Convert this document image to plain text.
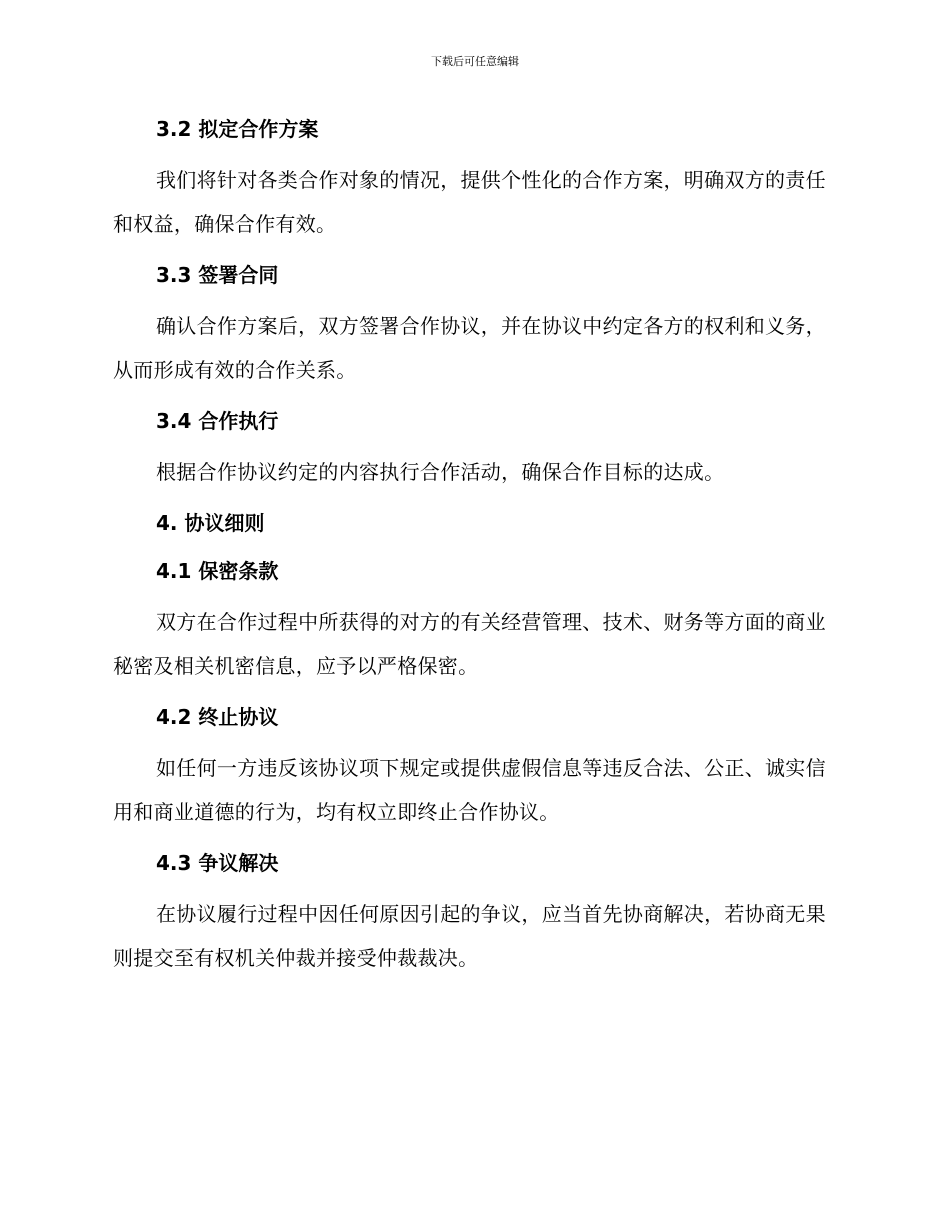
下载后可任意编辑
3.2 拟定合作方案

我们将针对各类合作对象的情况，提供个性化的合作方案，明确双方的责任和权益，确保合作有效。

3.3 签署合同

确认合作方案后，双方签署合作协议，并在协议中约定各方的权利和义务，从而形成有效的合作关系。

3.4 合作执行

根据合作协议约定的内容执行合作活动，确保合作目标的达成。

4. 协议细则
4.1 保密条款

双方在合作过程中所获得的对方的有关经营管理、技术、财务等方面的商业秘密及相关机密信息，应予以严格保密。

4.2 终止协议

如任何一方违反该协议项下规定或提供虚假信息等违反合法、公正、诚实信用和商业道德的行为，均有权立即终止合作协议。

4.3 争议解决

在协议履行过程中因任何原因引起的争议，应当首先协商解决，若协商无果则提交至有权机关仲裁并接受仲裁裁决。
